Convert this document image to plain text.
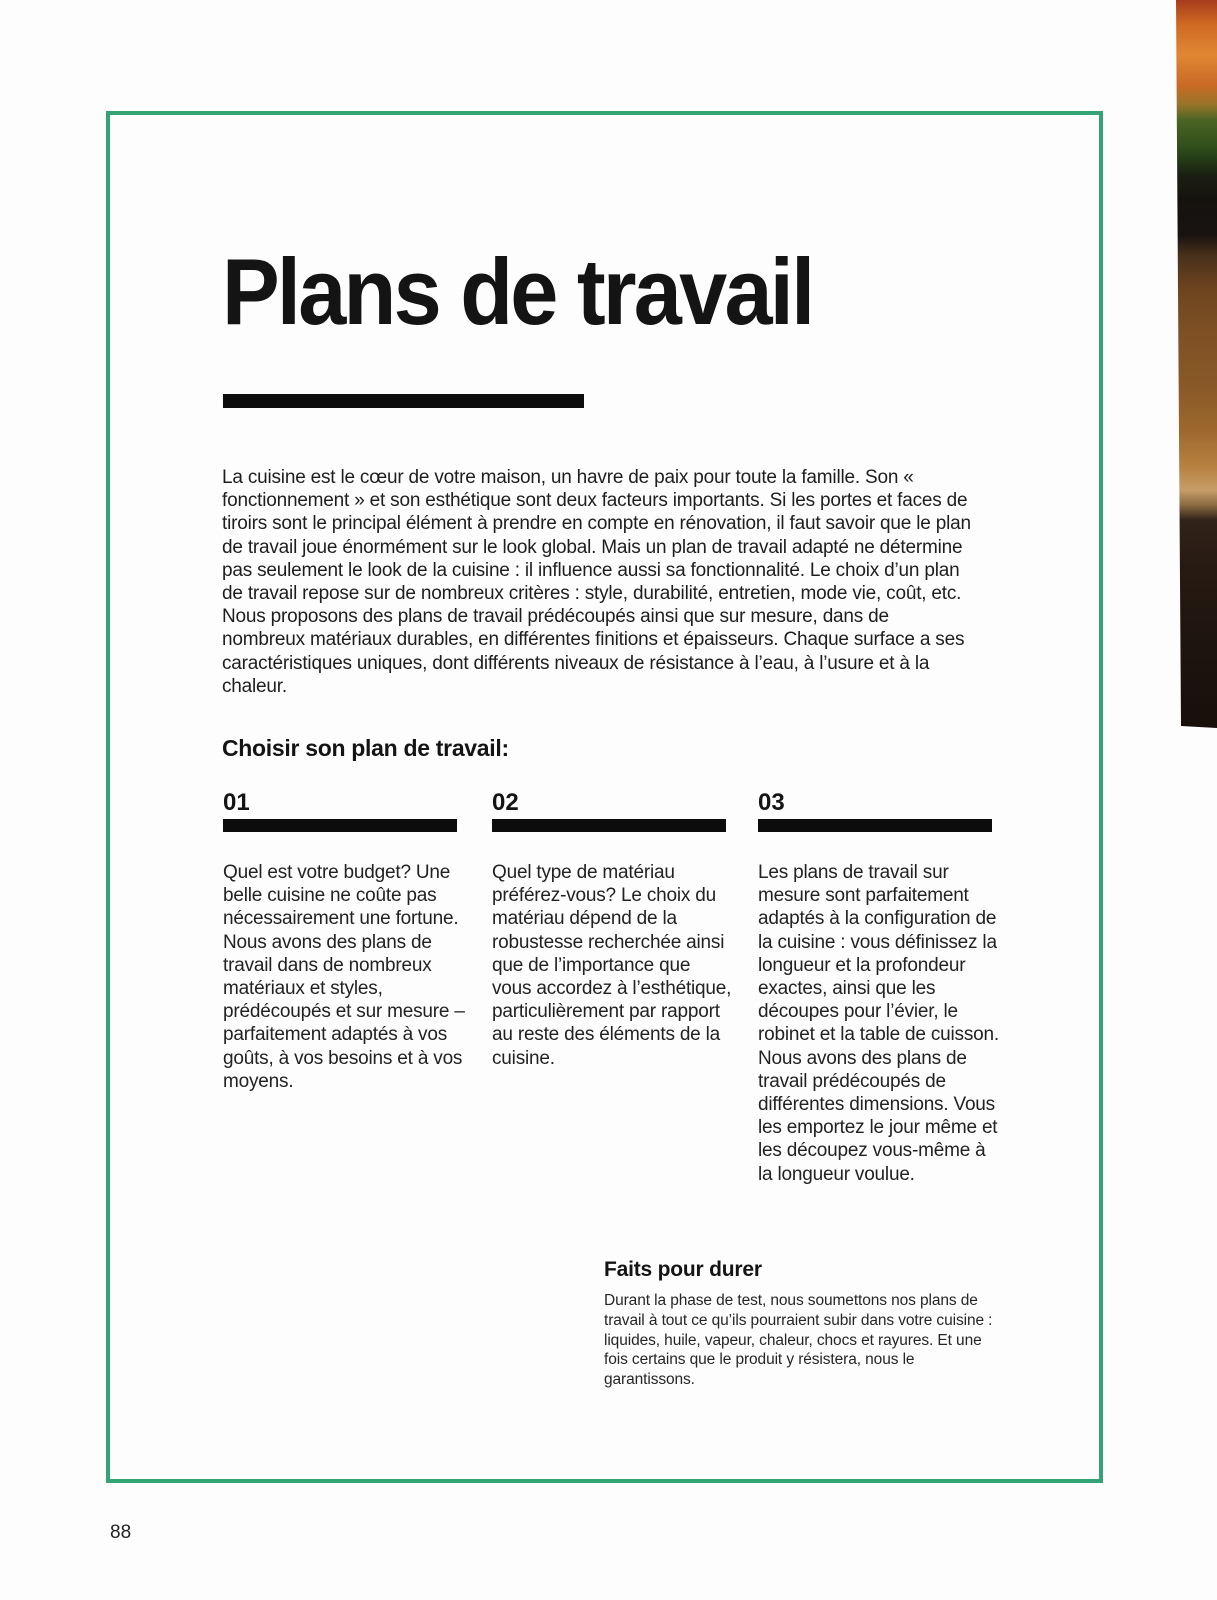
Plans de travail

La cuisine est le cœur de votre maison, un havre de paix pour toute la famille. Son « fonctionnement » et son esthétique sont deux facteurs importants. Si les portes et faces de tiroirs sont le principal élément à prendre en compte en rénovation, il faut savoir que le plan de travail joue énormément sur le look global. Mais un plan de travail adapté ne détermine pas seulement le look de la cuisine : il influence aussi sa fonctionnalité. Le choix d’un plan de travail repose sur de nombreux critères : style, durabilité, entretien, mode vie, coût, etc. Nous proposons des plans de travail prédécoupés ainsi que sur mesure, dans de nombreux matériaux durables, en différentes finitions et épaisseurs. Chaque surface a ses caractéristiques uniques, dont différents niveaux de résistance à l’eau, à l’usure et à la chaleur.

Choisir son plan de travail:
01

Quel est votre budget? Une belle cuisine ne coûte pas nécessairement une fortune. Nous avons des plans de travail dans de nombreux matériaux et styles, prédécoupés et sur mesure – parfaitement adaptés à vos goûts, à vos besoins et à vos moyens.

02

Quel type de matériau préférez-vous? Le choix du matériau dépend de la robustesse recherchée ainsi que de l’importance que vous accordez à l’esthétique, particulièrement par rapport au reste des éléments de la cuisine.

03

Les plans de travail sur mesure sont parfaitement adaptés à la configuration de la cuisine : vous définissez la longueur et la profondeur exactes, ainsi que les découpes pour l’évier, le robinet et la table de cuisson.

Nous avons des plans de travail prédécoupés de différentes dimensions. Vous les emportez le jour même et les découpez vous-même à la longueur voulue.

Faits pour durer

Durant la phase de test, nous soumettons nos plans de travail à tout ce qu’ils pourraient subir dans votre cuisine : liquides, huile, vapeur, chaleur, chocs et rayures. Et une fois certains que le produit y résistera, nous le garantissons.

88
